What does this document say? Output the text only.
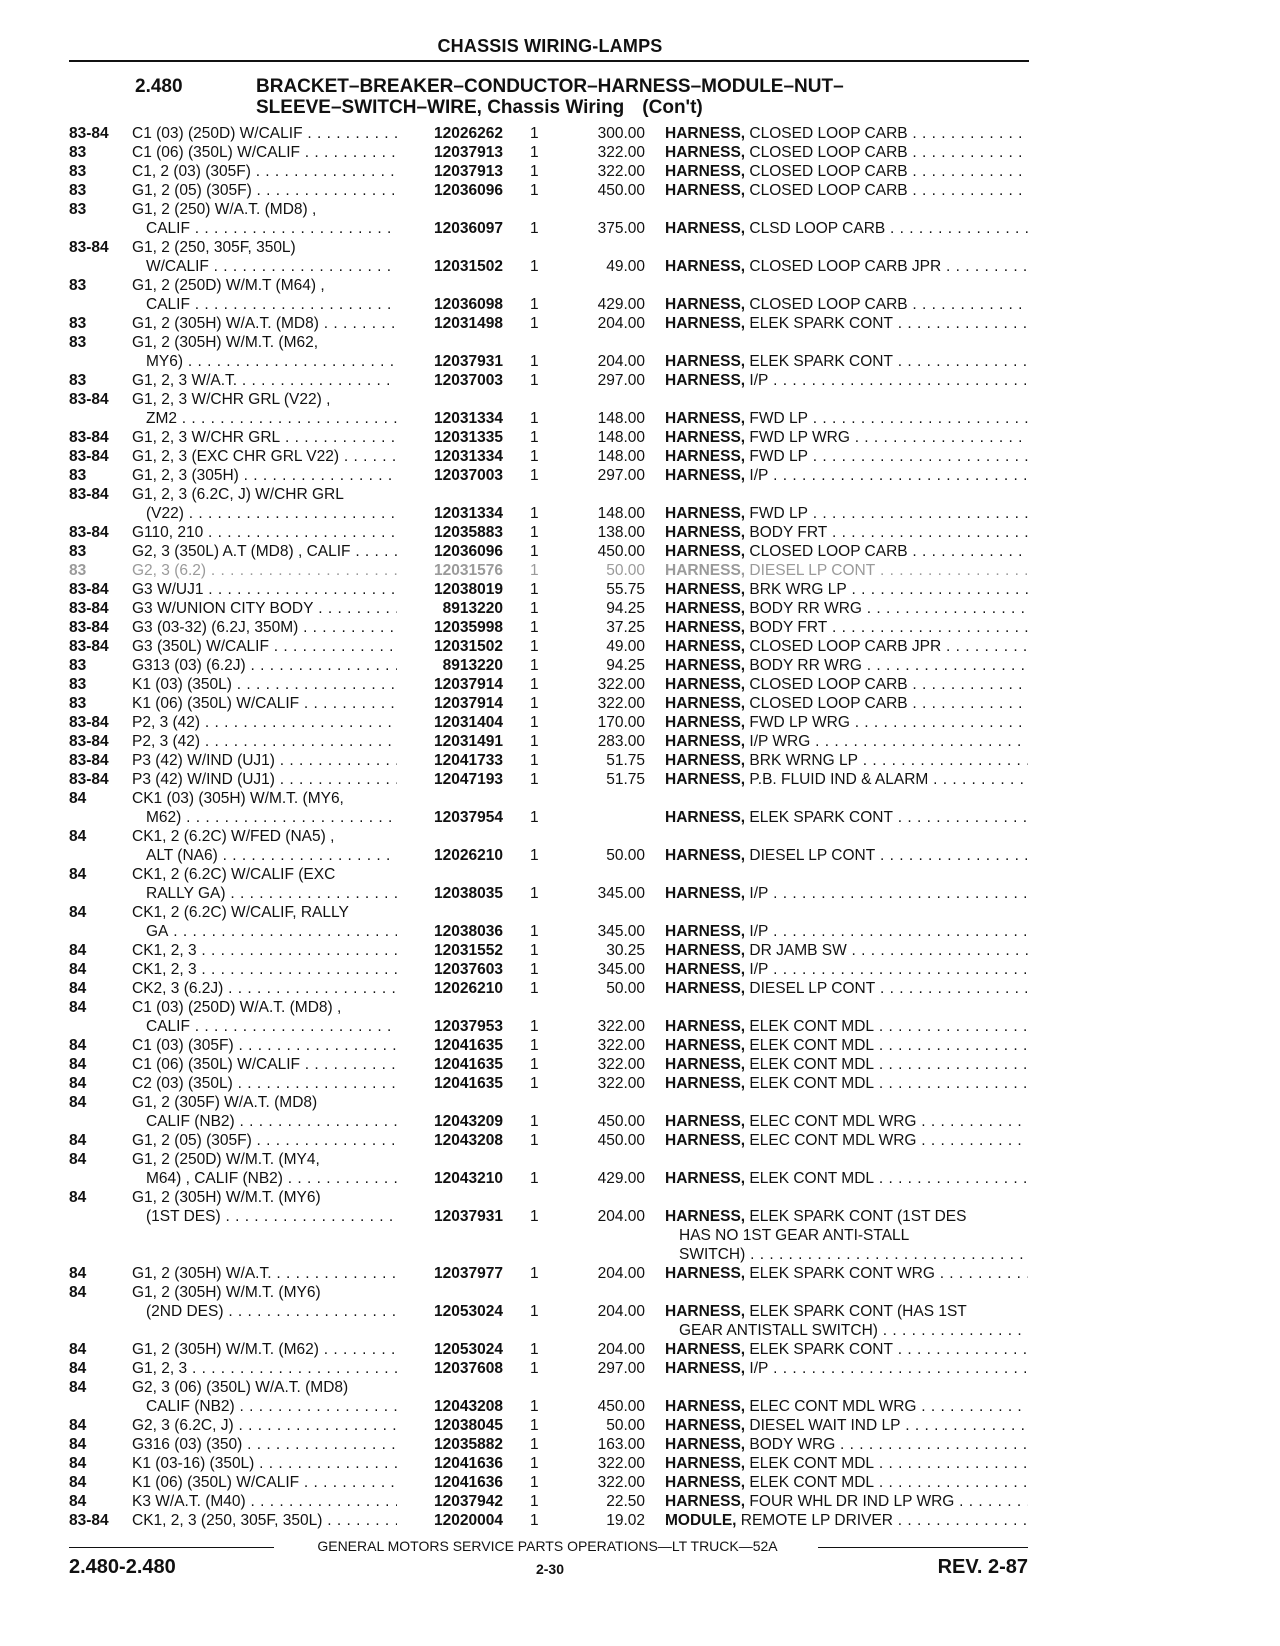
CHASSIS WIRING-LAMPS
2.480	BRACKET–BREAKER–CONDUCTOR–HARNESS–MODULE–NUT–
SLEEVE–SWITCH–WIRE, Chassis Wiring (Con't)
83-84 C1 (03) (250D) W/CALIF . . .	12026262 1	300.00 HARNESS, CLOSED LOOP CARB . . .
83	C1 (06) (350L) W/CALIF . . .	12037913 1	322.00 HARNESS, CLOSED LOOP CARB . . .
83	C1, 2 (03) (305F) . . .	12037913 1	322.00 HARNESS, CLOSED LOOP CARB . . .
83	G1, 2 (05) (305F) . . .	12036096 1	450.00 HARNESS, CLOSED LOOP CARB . . .
83	G1, 2 (250) W/A.T. (MD8) ,
CALIF . . .	12036097 1	375.00 HARNESS, CLSD LOOP CARB . . .
83-84 G1, 2 (250, 305F, 350L)
W/CALIF . . .	12031502 1	49.00 HARNESS, CLOSED LOOP CARB JPR . . .
83	G1, 2 (250D) W/M.T (M64) ,
CALIF . . .	12036098 1	429.00 HARNESS, CLOSED LOOP CARB . . .
83	G1, 2 (305H) W/A.T. (MD8) . . .	12031498 1	204.00 HARNESS, ELEK SPARK CONT . . .
83	G1, 2 (305H) W/M.T. (M62,
MY6) . . .	12037931 1	204.00 HARNESS, ELEK SPARK CONT . . .
83	G1, 2, 3 W/A.T. . . .	12037003 1	297.00 HARNESS, I/P . . .
83-84 G1, 2, 3 W/CHR GRL (V22) ,
ZM2 . . .	12031334 1	148.00 HARNESS, FWD LP . . .
83-84 G1, 2, 3 W/CHR GRL . . .	12031335 1	148.00 HARNESS, FWD LP WRG . . .
83-84 G1, 2, 3 (EXC CHR GRL V22) . . .	12031334 1	148.00 HARNESS, FWD LP . . .
83	G1, 2, 3 (305H) . . .	12037003 1	297.00 HARNESS, I/P . . .
83-84 G1, 2, 3 (6.2C, J) W/CHR GRL
(V22) . . .	12031334 1	148.00 HARNESS, FWD LP . . .
83-84 G110, 210 . . .	12035883 1	138.00 HARNESS, BODY FRT . . .
83	G2, 3 (350L) A.T (MD8) , CALIF . . .	12036096 1	450.00 HARNESS, CLOSED LOOP CARB . . .
83	G2, 3 (6.2) . . .	12031576 1	50.00 HARNESS, DIESEL LP CONT . . .
83-84 G3 W/UJ1 . . .	12038019 1	55.75 HARNESS, BRK WRG LP . . .
83-84 G3 W/UNION CITY BODY . . .	8913220 1	94.25 HARNESS, BODY RR WRG . . .
83-84 G3 (03-32) (6.2J, 350M) . . .	12035998 1	37.25 HARNESS, BODY FRT . . .
83-84 G3 (350L) W/CALIF . . .	12031502 1	49.00 HARNESS, CLOSED LOOP CARB JPR . . .
83	G313 (03) (6.2J) . . .	8913220 1	94.25 HARNESS, BODY RR WRG . . .
83	K1 (03) (350L) . . .	12037914 1	322.00 HARNESS, CLOSED LOOP CARB . . .
83	K1 (06) (350L) W/CALIF . . .	12037914 1	322.00 HARNESS, CLOSED LOOP CARB . . .
83-84 P2, 3 (42) . . .	12031404 1	170.00 HARNESS, FWD LP WRG . . .
83-84 P2, 3 (42) . . .	12031491 1	283.00 HARNESS, I/P WRG . . .
83-84 P3 (42) W/IND (UJ1) . . .	12041733 1	51.75 HARNESS, BRK WRNG LP . . .
83-84 P3 (42) W/IND (UJ1) . . .	12047193 1	51.75 HARNESS, P.B. FLUID IND & ALARM . . .
84	CK1 (03) (305H) W/M.T. (MY6,
M62) . . .	12037954 1	HARNESS, ELEK SPARK CONT . . .
84	CK1, 2 (6.2C) W/FED (NA5) ,
ALT (NA6) . . .	12026210 1	50.00 HARNESS, DIESEL LP CONT . . .
84	CK1, 2 (6.2C) W/CALIF (EXC
RALLY GA) . . .	12038035 1	345.00 HARNESS, I/P . . .
84	CK1, 2 (6.2C) W/CALIF, RALLY
GA . . .	12038036 1	345.00 HARNESS, I/P . . .
84	CK1, 2, 3 . . .	12031552 1	30.25 HARNESS, DR JAMB SW . . .
84	CK1, 2, 3 . . .	12037603 1	345.00 HARNESS, I/P . . .
84	CK2, 3 (6.2J) . . .	12026210 1	50.00 HARNESS, DIESEL LP CONT . . .
84	C1 (03) (250D) W/A.T. (MD8) ,
CALIF . . .	12037953 1	322.00 HARNESS, ELEK CONT MDL . . .
84	C1 (03) (305F) . . .	12041635 1	322.00 HARNESS, ELEK CONT MDL . . .
84	C1 (06) (350L) W/CALIF . . .	12041635 1	322.00 HARNESS, ELEK CONT MDL . . .
84	C2 (03) (350L) . . .	12041635 1	322.00 HARNESS, ELEK CONT MDL . . .
84	G1, 2 (305F) W/A.T. (MD8)
CALIF (NB2) . . .	12043209 1	450.00 HARNESS, ELEC CONT MDL WRG . . .
84	G1, 2 (05) (305F) . . .	12043208 1	450.00 HARNESS, ELEC CONT MDL WRG . . .
84	G1, 2 (250D) W/M.T. (MY4,
M64) , CALIF (NB2) . . .	12043210 1	429.00 HARNESS, ELEK CONT MDL . . .
84	G1, 2 (305H) W/M.T. (MY6)
(1ST DES) . . .	12037931 1	204.00 HARNESS, ELEK SPARK CONT (1ST DES
HAS NO 1ST GEAR ANTI-STALL
SWITCH) . . .
84	G1, 2 (305H) W/A.T. . . .	12037977 1	204.00 HARNESS, ELEK SPARK CONT WRG . . .
84	G1, 2 (305H) W/M.T. (MY6)
(2ND DES) . . .	12053024 1	204.00 HARNESS, ELEK SPARK CONT (HAS 1ST
GEAR ANTISTALL SWITCH) . . .
84	G1, 2 (305H) W/M.T. (M62) . . .	12053024 1	204.00 HARNESS, ELEK SPARK CONT . . .
84	G1, 2, 3 . . .	12037608 1	297.00 HARNESS, I/P . . .
84	G2, 3 (06) (350L) W/A.T. (MD8)
CALIF (NB2) . . .	12043208 1	450.00 HARNESS, ELEC CONT MDL WRG . . .
84	G2, 3 (6.2C, J) . . .	12038045 1	50.00 HARNESS, DIESEL WAIT IND LP . . .
84	G316 (03) (350) . . .	12035882 1	163.00 HARNESS, BODY WRG . . .
84	K1 (03-16) (350L) . . .	12041636 1	322.00 HARNESS, ELEK CONT MDL . . .
84	K1 (06) (350L) W/CALIF . . .	12041636 1	322.00 HARNESS, ELEK CONT MDL . . .
84	K3 W/A.T. (M40) . . .	12037942 1	22.50 HARNESS, FOUR WHL DR IND LP WRG . . .
83-84 CK1, 2, 3 (250, 305F, 350L) . . .	12020004 1	19.02 MODULE, REMOTE LP DRIVER . . .
GENERAL MOTORS SERVICE PARTS OPERATIONS—LT TRUCK—52A
2.480-2.480	2-30	REV. 2-87
